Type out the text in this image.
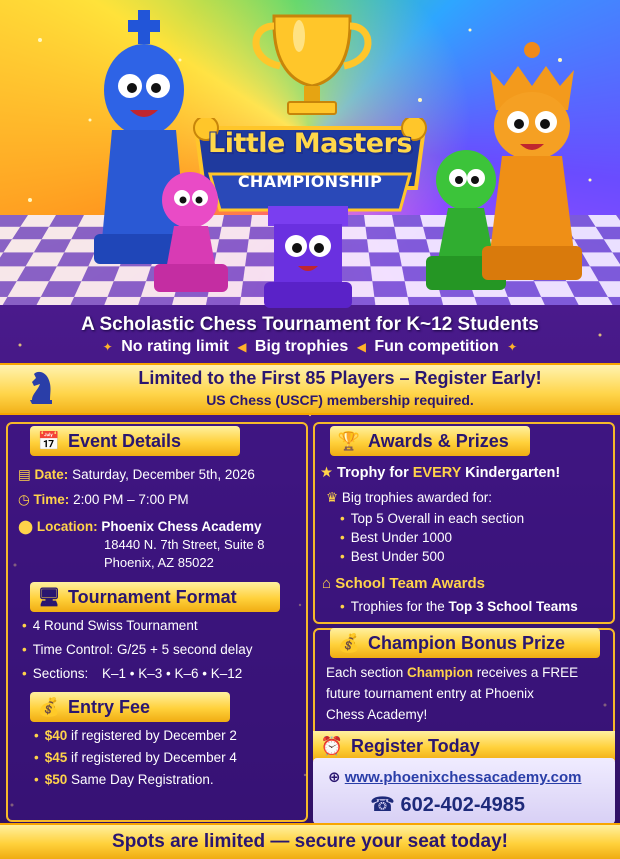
Little Masters
CHAMPIONSHIP
A Scholastic Chess Tournament for K~12 Students
✦ No rating limit ◀ Big trophies ◀ Fun competition ✦
Limited to the First 85 Players – Register Early!
US Chess (USCF) membership required.
📅 Event Details
▤ Date: Saturday, December 5th, 2026
◷ Time: 2:00 PM – 7:00 PM
⬤ Location: Phoenix Chess Academy
18440 N. 7th Street, Suite 8
Phoenix, AZ 85022
🖥 Tournament Format
• 4 Round Swiss Tournament
• Time Control: G/25 + 5 second delay
• Sections: K–1 • K–3 • K–6 • K–12
💰 Entry Fee
• $40 if registered by December 2
• $45 if registered by December 4
• $50 Same Day Registration.
🏆 Awards & Prizes
★ Trophy for EVERY Kindergarten!
♛ Big trophies awarded for:
• Top 5 Overall in each section
• Best Under 1000
• Best Under 500
⌂ School Team Awards
• Trophies for the Top 3 School Teams
💰 Champion Bonus Prize
Each section Champion receives a FREE
future tournament entry at Phoenix
Chess Academy!
⏰ Register Today
⊕ www.phoenixchessacademy.com
☎ 602-402-4985
Spots are limited — secure your seat today!
